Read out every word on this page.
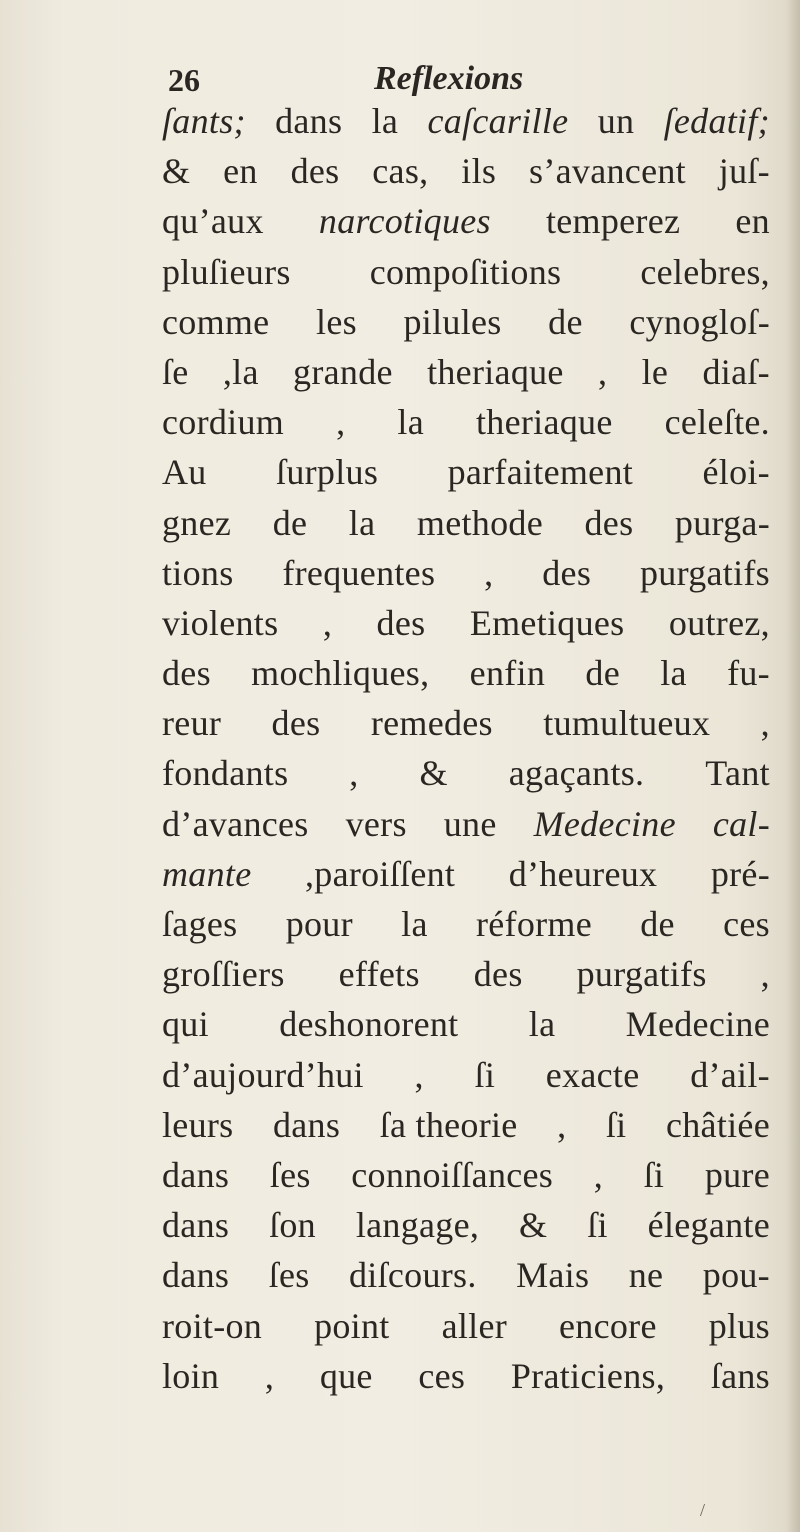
26	Reflexions
ſants; dans la caſcarille un ſedatif;
& en des cas, ils s’avancent juſ-
qu’aux narcotiques temperez en
pluſieurs compoſitions celebres,
comme les pilules de cynogloſ-
ſe ,la grande theriaque , le diaſ-
cordium , la theriaque celeſte.
Au ſurplus parfaitement éloi-
gnez de la methode des purga-
tions frequentes , des purgatifs
violents , des Emetiques outrez,
des mochliques, enfin de la fu-
reur des remedes tumultueux ,
fondants , & agaçants. Tant
d’avances vers une Medecine cal-
mante ,paroiſſent d’heureux pré-
ſages pour la réforme de ces
groſſiers effets des purgatifs ,
qui deshonorent la Medecine
d’aujourd’hui , ſi exacte d’ail-
leurs dans ſa theorie , ſi châtiée
dans ſes connoiſſances , ſi pure
dans ſon langage, & ſi élegante
dans ſes diſcours. Mais ne pou-
roit-on point aller encore plus
loin , que ces Praticiens, ſans
/
